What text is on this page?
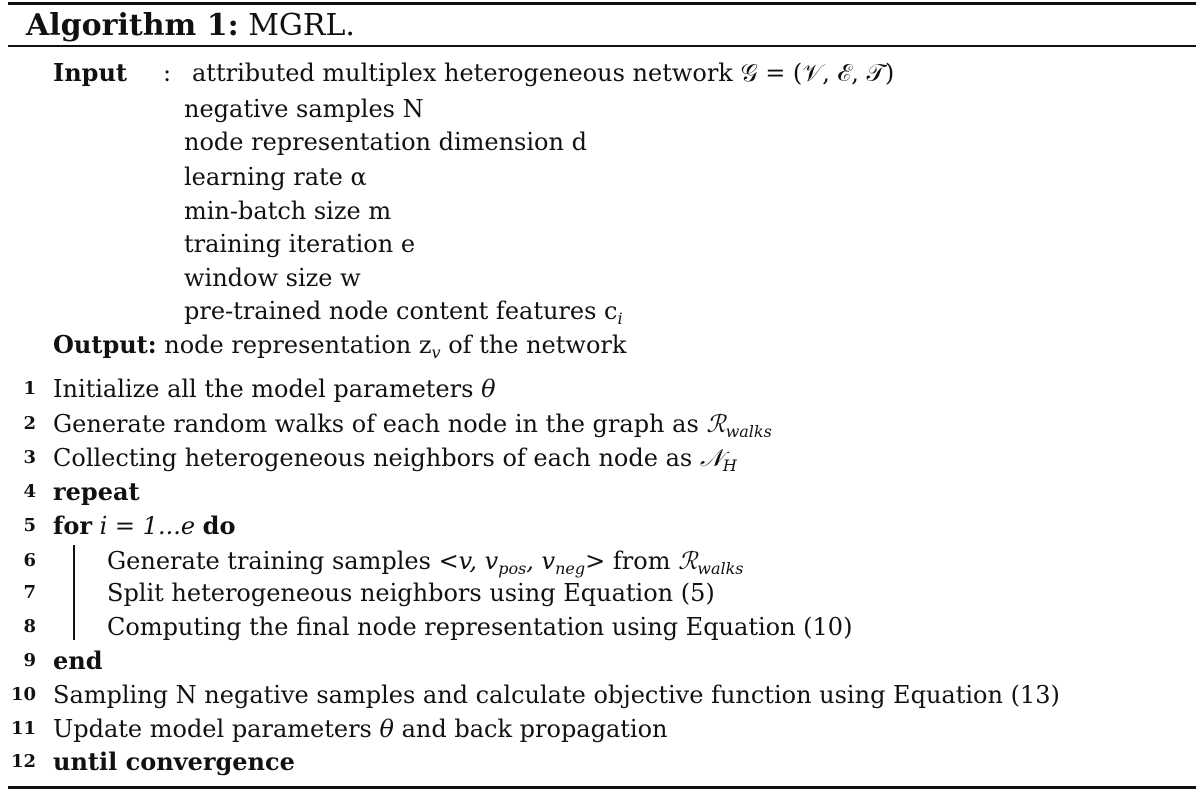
Algorithm 1: MGRL.
Input : attributed multiplex heterogeneous network 𝒢 = (𝒱, ℰ, 𝒯)
negative samples N
node representation dimension d
learning rate α
min-batch size m
training iteration e
window size w
pre-trained node content features $c_i$
Output: node representation $z_v$ of the network
1 Initialize all the model parameters θ
2 Generate random walks of each node in the graph as ℛ$_{walks}$
3 Collecting heterogeneous neighbors of each node as 𝒩$_H$
4 repeat
5 for i = 1...e do
6	Generate training samples <v, $v_{pos}$, $v_{neg}>$ from ℛ$_{walks}$
7	Split heterogeneous neighbors using Equation (5)
8	Computing the final node representation using Equation (10)
9 end
10 Sampling N negative samples and calculate objective function using Equation (13)
11 Update model parameters θ and back propagation
12 until convergence
